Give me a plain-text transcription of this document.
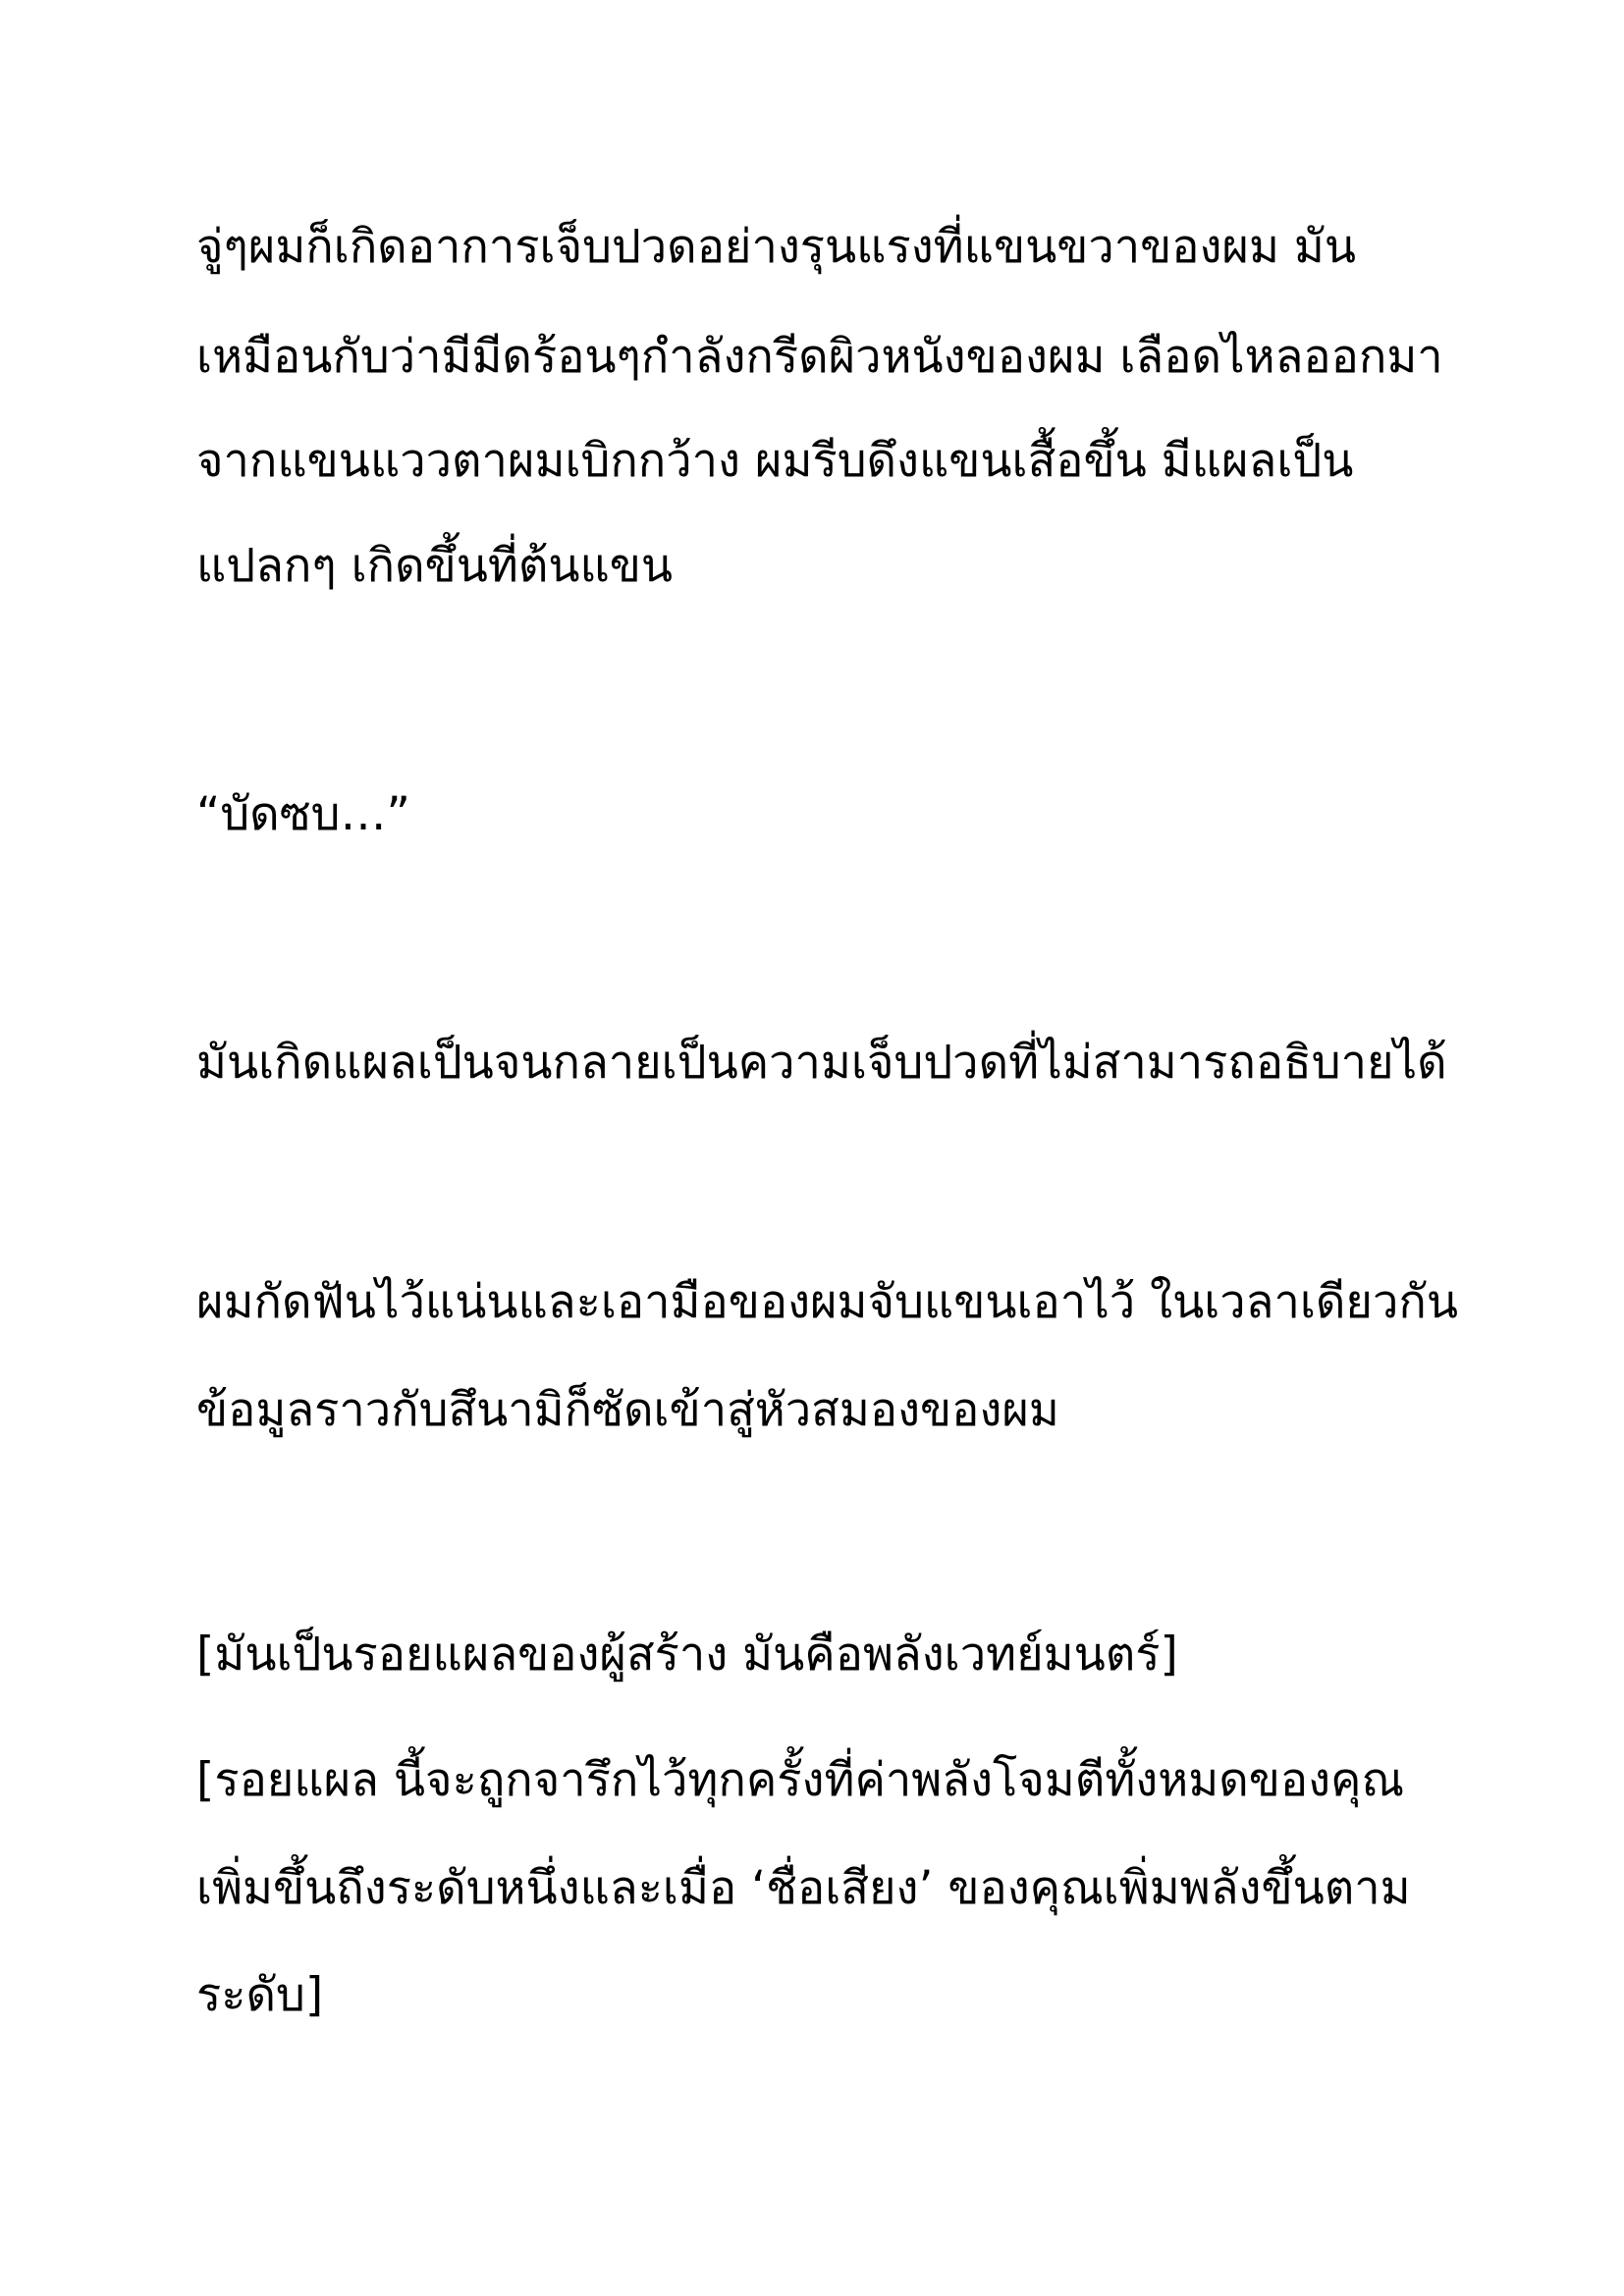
จู่ๆผมก็เกิดอาการเจ็บปวดอย่างรุนแรงที่แขนขวาของผม มัน

เหมือนกับว่ามีมีดร้อนๆกำลังกรีดผิวหนังของผม เลือดไหลออกมา

จากแขนแววตาผมเบิกกว้าง ผมรีบดึงแขนเสื้อขึ้น มีแผลเป็น

แปลกๆ เกิดขึ้นที่ต้นแขน

“บัดซบ…”

มันเกิดแผลเป็นจนกลายเป็นความเจ็บปวดที่ไม่สามารถอธิบายได้

ผมกัดฟันไว้แน่นและเอามือของผมจับแขนเอาไว้ ในเวลาเดียวกัน

ข้อมูลราวกับสึนามิก็ซัดเข้าสู่หัวสมองของผม

[มันเป็นรอยแผลของผู้สร้าง มันคือพลังเวทย์มนตร์]

[รอยแผล นี้จะถูกจารึกไว้ทุกครั้งที่ค่าพลังโจมตีทั้งหมดของคุณ

เพิ่มขึ้นถึงระดับหนึ่งและเมื่อ ‘ชื่อเสียง’ ของคุณเพิ่มพลังขึ้นตาม

ระดับ]
